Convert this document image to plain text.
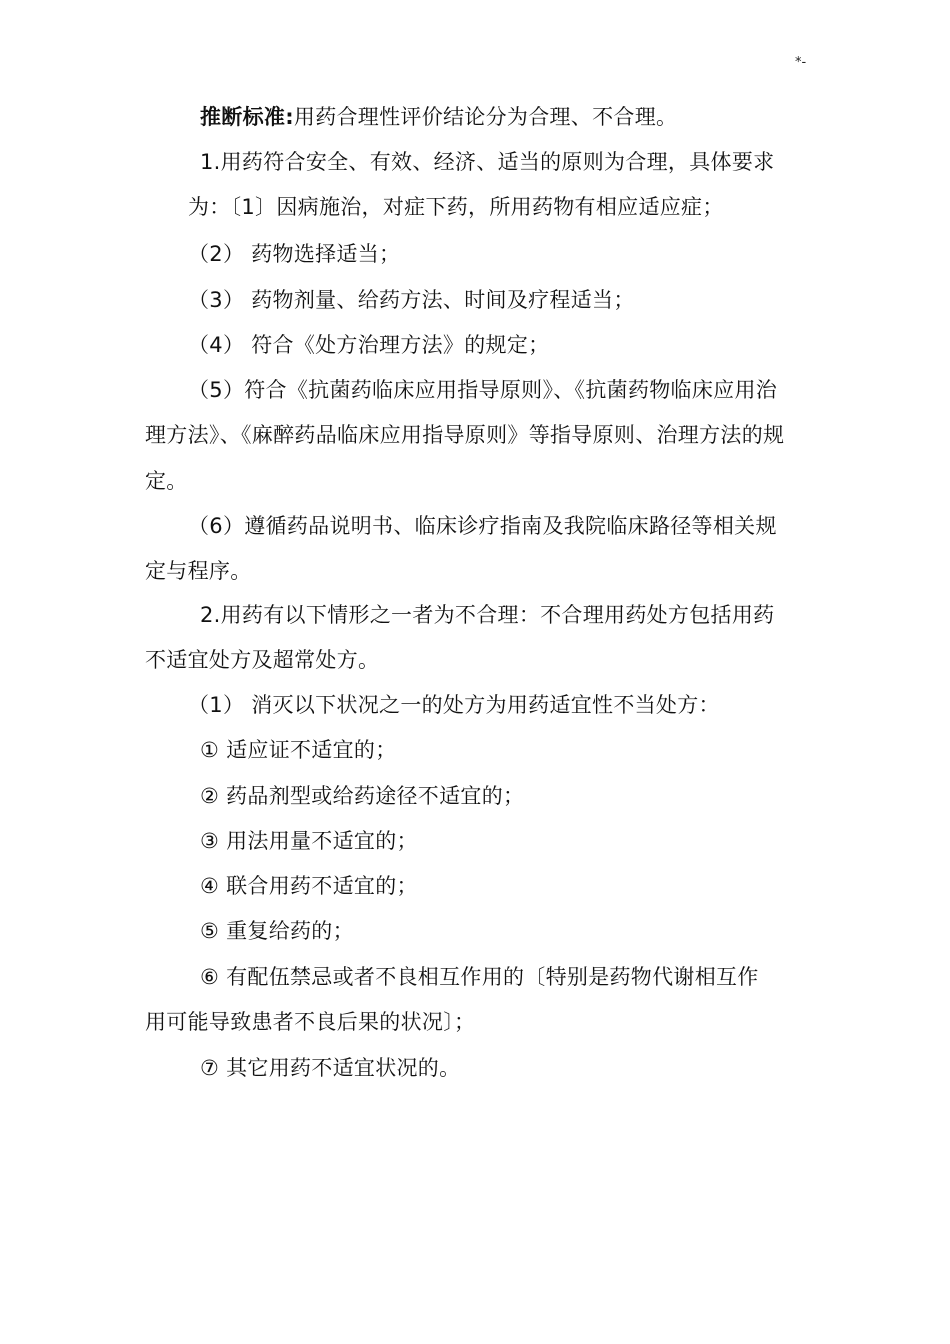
*-
推断标准:用药合理性评价结论分为合理、不合理。
1.用药符合安全、有效、经济、适当的原则为合理，具体要求
为：〔1〕因病施治，对症下药，所用药物有相应适应症；
（2） 药物选择适当；
（3） 药物剂量、给药方法、时间及疗程适当；
（4） 符合《处方治理方法》的规定；
（5）符合《抗菌药临床应用指导原则》、《抗菌药物临床应用治
理方法》、《麻醉药品临床应用指导原则》等指导原则、治理方法的规
定。
（6）遵循药品说明书、临床诊疗指南及我院临床路径等相关规
定与程序。
2.用药有以下情形之一者为不合理：不合理用药处方包括用药
不适宜处方及超常处方。
（1） 消灭以下状况之一的处方为用药适宜性不当处方：
① 适应证不适宜的；
② 药品剂型或给药途径不适宜的；
③ 用法用量不适宜的；
④ 联合用药不适宜的；
⑤ 重复给药的；
⑥ 有配伍禁忌或者不良相互作用的〔特别是药物代谢相互作
用可能导致患者不良后果的状况〕；
⑦ 其它用药不适宜状况的。
